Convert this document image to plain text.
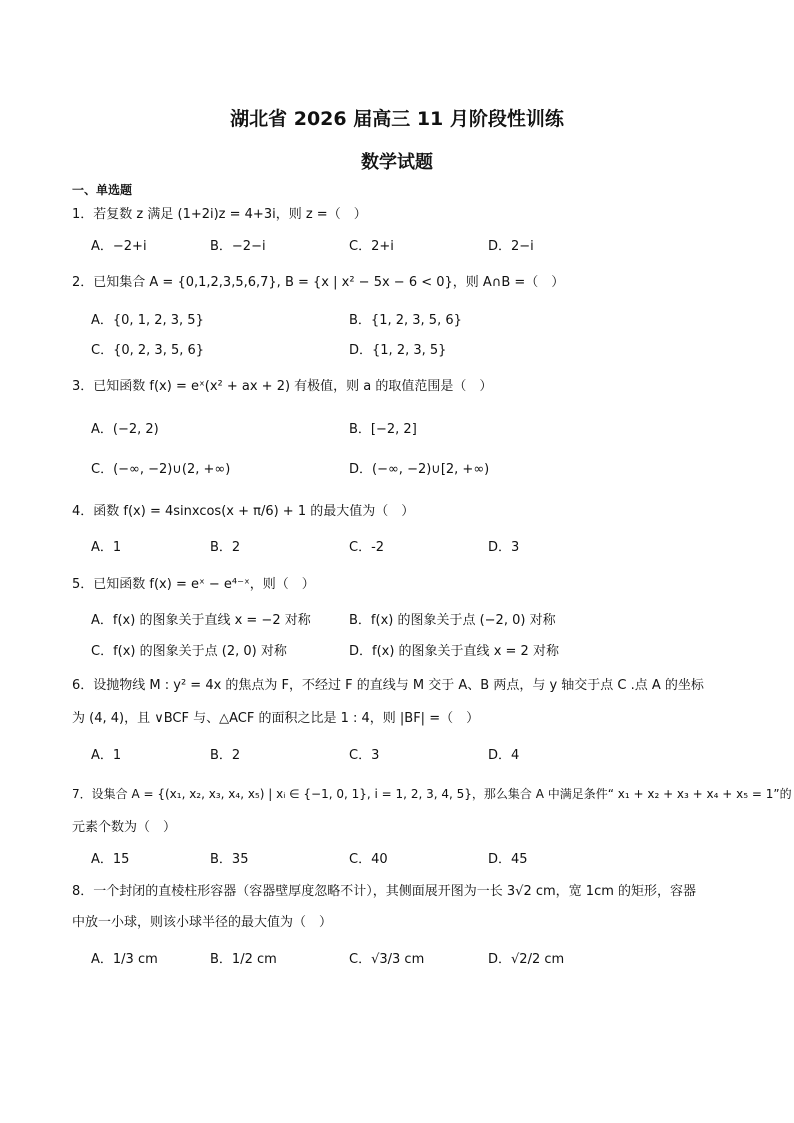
湖北省 2026 届高三 11 月阶段性训练
数学试题
一、单选题
1．若复数 z 满足 (1+2i)z = 4+3i，则 z =（　）
A．−2+i	B．−2−i	C．2+i	D．2−i
2．已知集合 A = {0,1,2,3,5,6,7}, B = {x | x² − 5x − 6 < 0}，则 A∩B =（　）
A．{0, 1, 2, 3, 5}	B．{1, 2, 3, 5, 6}
C．{0, 2, 3, 5, 6}	D．{1, 2, 3, 5}
3．已知函数 f(x) = eˣ(x² + ax + 2) 有极值，则 a 的取值范围是（　）
A．(−2, 2)	B．[−2, 2]
C．(−∞, −2)∪(2, +∞)	D．(−∞, −2)∪[2, +∞)
4．函数 f(x) = 4sinxcos(x + π/6) + 1 的最大值为（　）
A．1	B．2	C．-2	D．3
5．已知函数 f(x) = eˣ − e⁴⁻ˣ，则（　）
A．f(x) 的图象关于直线 x = −2 对称	B．f(x) 的图象关于点 (−2, 0) 对称
C．f(x) 的图象关于点 (2, 0) 对称	D．f(x) 的图象关于直线 x = 2 对称
6．设抛物线 M : y² = 4x 的焦点为 F，不经过 F 的直线与 M 交于 A、B 两点，与 y 轴交于点 C .点 A 的坐标
为 (4, 4)，且 ∨BCF 与、△ACF 的面积之比是 1 : 4，则 |BF| =（　）
A．1	B．2	C．3	D．4
7．设集合 A = {(x₁, x₂, x₃, x₄, x₅) | xᵢ ∈ {−1, 0, 1}, i = 1, 2, 3, 4, 5}，那么集合 A 中满足条件“ x₁ + x₂ + x₃ + x₄ + x₅ = 1”的
元素个数为（　）
A．15	B．35	C．40	D．45
8．一个封闭的直棱柱形容器（容器壁厚度忽略不计），其侧面展开图为一长 3√2 cm，宽 1cm 的矩形，容器
中放一小球，则该小球半径的最大值为（　）
A．1/3 cm	B．1/2 cm	C．√3/3 cm	D．√2/2 cm
